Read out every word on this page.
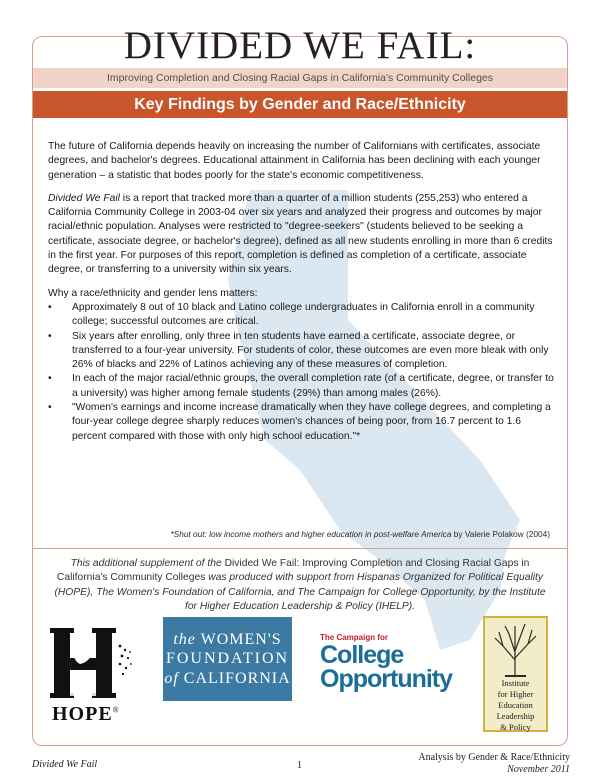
DIVIDED WE FAIL:
Improving Completion and Closing Racial Gaps in California's Community Colleges
Key Findings by Gender and Race/Ethnicity

The future of California depends heavily on increasing the number of Californians with certificates, associate degrees, and bachelor's degrees. Educational attainment in California has been declining with each younger generation – a statistic that bodes poorly for the state's economic competitiveness.

Divided We Fail is a report that tracked more than a quarter of a million students (255,253) who entered a California Community College in 2003-04 over six years and analyzed their progress and outcomes by major racial/ethnic population. Analyses were restricted to "degree-seekers" (students believed to be seeking a certificate, associate degree, or bachelor's degree), defined as all new students enrolling in more than 6 credits in the first year. For purposes of this report, completion is defined as completion of a certificate, associate degree, or transferring to a university within six years.

Why a race/ethnicity and gender lens matters:

• Approximately 8 out of 10 black and Latino college undergraduates in California enroll in a community college; successful outcomes are critical.
• Six years after enrolling, only three in ten students have earned a certificate, associate degree, or transferred to a four-year university. For students of color, these outcomes are even more bleak with only 26% of blacks and 22% of Latinos achieving any of these measures of completion.
• In each of the major racial/ethnic groups, the overall completion rate (of a certificate, degree, or transfer to a university) was higher among female students (29%) than among males (26%).
• "Women's earnings and income increase dramatically when they have college degrees, and completing a four-year college degree sharply reduces women's chances of being poor, from 16.7 percent to 1.6 percent compared with those with only high school education."*
*Shut out: low income mothers and higher education in post-welfare America by Valerie Polakow (2004)
This additional supplement of the Divided We Fail: Improving Completion and Closing Racial Gaps in California's Community Colleges was produced with support from Hispanas Organized for Political Equality (HOPE), The Women's Foundation of California, and The Campaign for College Opportunity, by the Institute for Higher Education Leadership & Policy (IHELP).
HOPE®
the WOMEN'S
FOUNDATION
of CALIFORNIA
The Campaign for
College
Opportunity	Institute
for Higher
Education
Leadership
& Policy
Divided We Fail	1
Analysis by Gender & Race/Ethnicity
November 2011
